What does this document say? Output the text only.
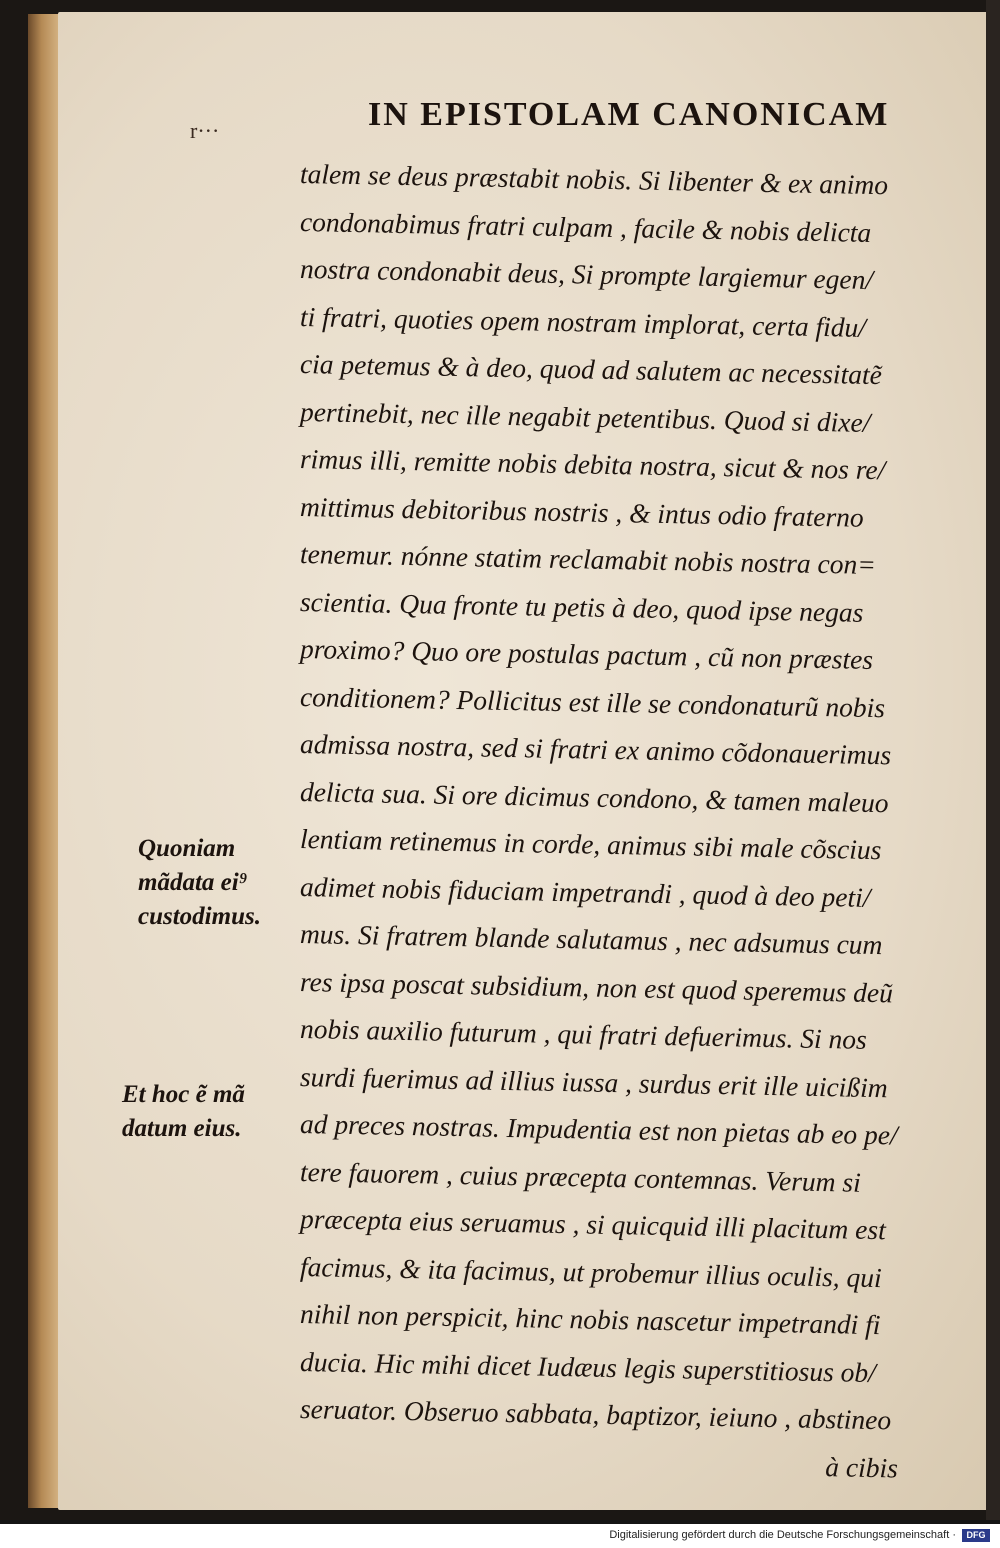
r···	IN EPISTOLAM CANONICAM
talem se deus præstabit nobis. Si libenter & ex animo
condonabimus fratri culpam , facile & nobis delicta
nostra condonabit deus, Si prompte largiemur egen/
ti fratri, quoties opem nostram implorat, certa fidu/
cia petemus & à deo, quod ad salutem ac necessitatẽ
pertinebit, nec ille negabit petentibus. Quod si dixe/
rimus illi, remitte nobis debita nostra, sicut & nos re/
mittimus debitoribus nostris , & intus odio fraterno
tenemur. nónne statim reclamabit nobis nostra con=
scientia. Qua fronte tu petis à deo, quod ipse negas
proximo? Quo ore postulas pactum , cũ non præstes
conditionem? Pollicitus est ille se condonaturũ nobis
admissa nostra, sed si fratri ex animo cõdonauerimus
delicta sua. Si ore dicimus condono, & tamen maleuo
lentiam retinemus in corde, animus sibi male cõscius
adimet nobis fiduciam impetrandi , quod à deo peti/
mus. Si fratrem blande salutamus , nec adsumus cum
res ipsa poscat subsidium, non est quod speremus deũ
nobis auxilio futurum , qui fratri defuerimus. Si nos
surdi fuerimus ad illius iussa , surdus erit ille uicißim
ad preces nostras. Impudentia est non pietas ab eo pe/
tere fauorem , cuius præcepta contemnas. Verum si
præcepta eius seruamus , si quicquid illi placitum est
facimus, & ita facimus, ut probemur illius oculis, qui
nihil non perspicit, hinc nobis nascetur impetrandi fi
ducia. Hic mihi dicet Iudæus legis superstitiosus ob/
seruator. Obseruo sabbata, baptizor, ieiuno , abstineo
à cibis
Quoniam
mãdata ei⁹
custodimus.
Et hoc ẽ mã
datum eius.
Digitalisierung gefördert durch die Deutsche Forschungsgemeinschaft ·	DFG
